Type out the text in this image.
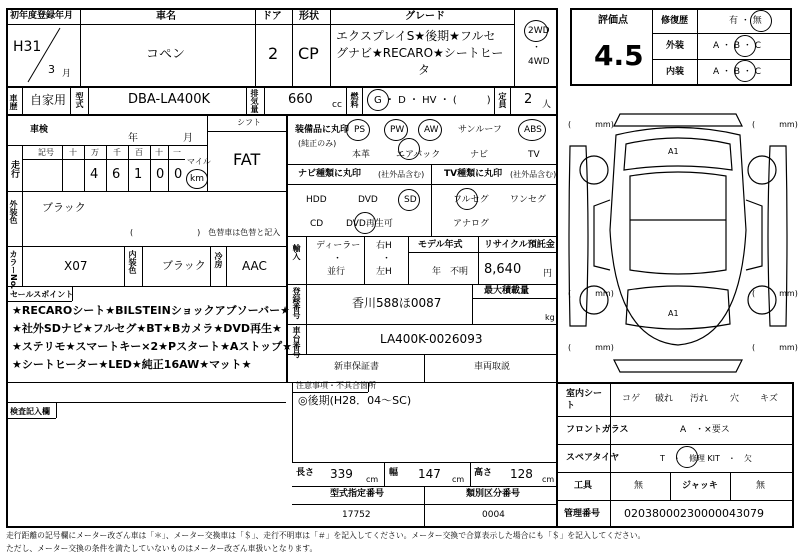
初年度登録年月
H31
3 月
車名
コペン
ドア
2
形状
CP
グレード
エクスプレイS★後期★フルセ
グナビ★RECARO★シートヒー
タ
2WD
・
4WD
車歴 自家用 型式	DBA-LA400K	排気量 660 cc 燃料 G ・ D ・ HV ・ (　　　) 定員 2 人
車検
年	月
シフト
FAT
走行
記号 十 万 千 百 十 一
4 6 1 0 0
マイル
km
外装色 ブラック
(　　　　　　　　)　色替車は色替と記入
カラーNo.	X07	内装色 ブラック 冷房 AAC
セールスポイント
★RECAROシート★BILSTEINショックアブソーバー★
★社外SDナビ★フルセグ★BT★Bカメラ★DVD再生★
★ステリモ★スマートキー×2★Pスタート★Aストップ★
★シートヒーター★LED★純正16AW★マット★
検査記入欄
装備品に丸印
(純正のみ)
PS	PW AW サンルーフ ABS
本革	エアバック	ナビ	TV
ナビ種類に丸印 (社外品含む)
HDD	DVD	SD
CD	DVD再生可
TV種類に丸印 (社外品含む)
フルセグ ワンセグ
アナログ
輸入 ディーラー
・
並行
右H
・
左H
モデル年式
年　不明
リサイクル預託金
8,640 円
登録番号	香川588ほ0087
最大積載量
kg
車台番号	LA400K-0026093
新車保証書	車両取説
注意事項・不具合箇所
◎後期(H28．04～SC)
長さ 339 cm
幅 147 cm
高さ 128 cm
型式指定番号
17752
類別区分番号
0004
評価点
4.5
修復歴	有 ・ 無
外装	A ・ B ・ C
内装	A ・ B ・ C
A1
A1
(　　　mm)	(　　　mm)
(　　　mm)	(　　　mm)
(　　　mm)	(　　　mm)
室内シート
コゲ 破れ 汚れ 穴 キズ
フロントガラス	A　・×要ス
スペアタイヤ	T　・　修理 KIT　・　欠
工具	無	ジャッキ	無
管理番号 02038000230000043079
走行距離の記号欄にメーター改ざん車は「＊」、メーター交換車は「＄」、走行不明車は「＃」を記入してください。メーター交換で合算表示した場合にも「＄」を記入してください。
ただし、メーター交換の条件を満たしていないものはメーター改ざん車扱いとなります。
